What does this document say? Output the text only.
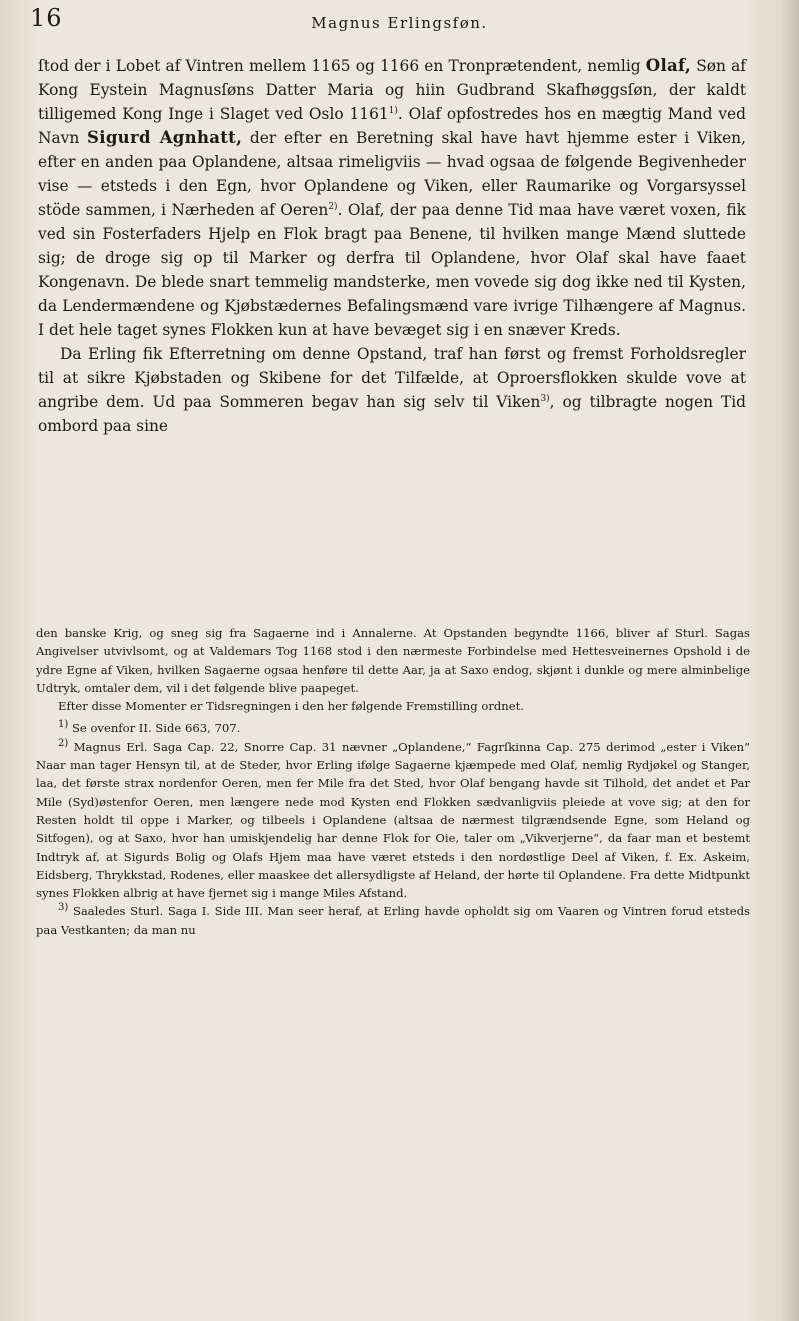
16	Magnus Erlingsføn.

ſtod der i Lobet af Vintren mellem 1165 og 1166 en Tronprætendent, nemlig Olaf, Søn af Kong Eystein Magnusſøns Datter Maria og hiin Gudbrand Skafhøggsſøn, der kaldt tilligemed Kong Inge i Slaget ved Oslo 1161$^{1)}$. Olaf opfostredes hos en mægtig Mand ved Navn Sigurd Agnhatt, der efter en Beretning skal have havt hjemme ester i Viken, efter en anden paa Oplandene, altsaa rimeligviis — hvad ogsaa de følgende Begivenheder vise — etsteds i den Egn, hvor Oplandene og Viken, eller Raumarike og Vorgarsyssel stöde sammen, i Nærheden af Oeren$^{2)}$. Olaf, der paa denne Tid maa have været voxen, fik ved sin Fosterfaders Hjelp en Flok bragt paa Benene, til hvilken mange Mænd sluttede sig; de droge sig op til Marker og derfra til Oplandene, hvor Olaf skal have faaet Kongenavn. De blede snart temmelig mandsterke, men vovede sig dog ikke ned til Kysten, da Lendermændene og Kjøbstædernes Befalingsmænd vare ivrige Tilhængere af Magnus. I det hele taget synes Flokken kun at have bevæget sig i en snæver Kreds.

Da Erling fik Efterretning om denne Opstand, traf han først og fremst Forholdsregler til at sikre Kjøbstaden og Skibene for det Tilfælde, at Oproersflokken skulde vove at angribe dem. Ud paa Sommeren begav han sig selv til Viken$^{3)}$, og tilbragte nogen Tid ombord paa sine

den banske Krig, og sneg sig fra Sagaerne ind i Annalerne. At Opstanden begyndte 1166, bliver af Sturl. Sagas Angivelser utvivlsomt, og at Valdemars Tog 1168 stod i den nærmeste Forbindelse med Hettesveinernes Opshold i de ydre Egne af Viken, hvilken Sagaerne ogsaa henføre til dette Aar, ja at Saxo endog, skjønt i dunkle og mere alminbelige Udtryk, omtaler dem, vil i det følgende blive paapeget.

Efter disse Momenter er Tidsregningen i den her følgende Fremstilling ordnet.

1) Se ovenfor II. Side 663, 707.

2) Magnus Erl. Saga Cap. 22, Snorre Cap. 31 nævner „Oplandene,“ Fagrſkinna Cap. 275 derimod „ester i Viken“ Naar man tager Hensyn til, at de Steder, hvor Erling ifølge Sagaerne kjæmpede med Olaf, nemlig Rydjøkel og Stanger, laa, det første strax nordenfor Oeren, men fer Mile fra det Sted, hvor Olaf bengang havde sit Tilhold, det andet et Par Mile (Syd)østenfor Oeren, men længere nede mod Kysten end Flokken sædvanligviis pleiede at vove sig; at den for Resten holdt til oppe i Marker, og tilbeels i Oplandene (altsaa de nærmest tilgrændsende Egne, som Heland og Sitfogen), og at Saxo, hvor han umiskjendelig har denne Flok for Oie, taler om „Vikverjerne“, da faar man et bestemt Indtryk af, at Sigurds Bolig og Olafs Hjem maa have været etsteds i den nordøstlige Deel af Viken, f. Ex. Askeim, Eidsberg, Thrykkstad, Rodenes, eller maaskee det allersydligste af Heland, der hørte til Oplandene. Fra dette Midtpunkt synes Flokken albrig at have fjernet sig i mange Miles Afstand.

3) Saaledes Sturl. Saga I. Side III. Man seer heraf, at Erling havde opholdt sig om Vaaren og Vintren forud etsteds paa Vestkanten; da man nu
